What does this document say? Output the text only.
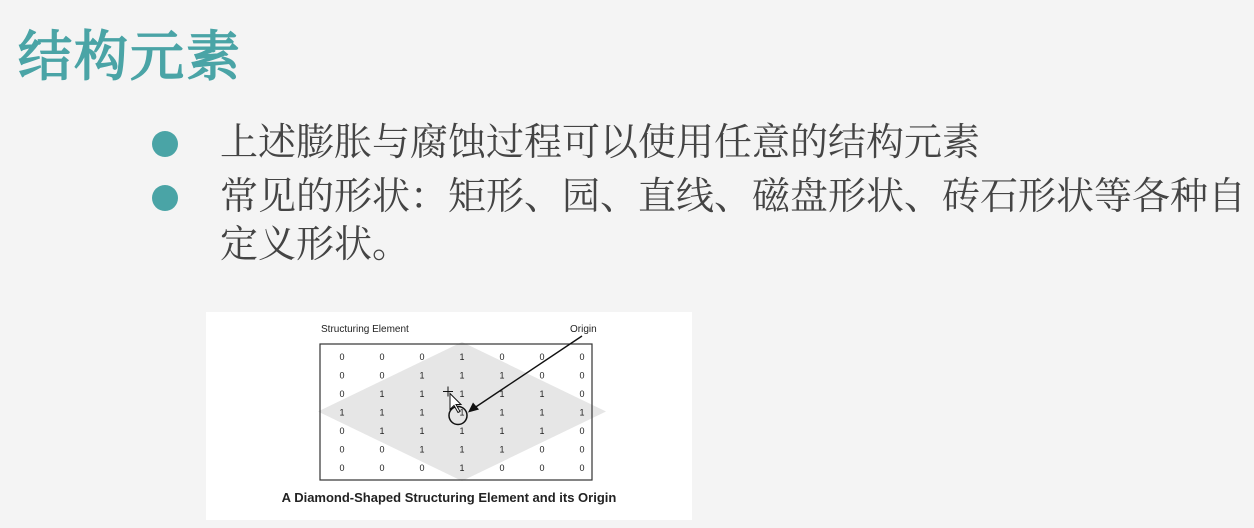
结构元素
上述膨胀与腐蚀过程可以使用任意的结构元素
常见的形状：矩形、园、直线、磁盘形状、砖石形状等各种自定义形状。
Structuring Element	Origin
0	0	0	1	0	0	0
0	0	1	1	1	0	0
0	1	1	1	1	1	0
1	1	1	1	1	1	1
0	1	1	1	1	1	0
0	0	1	1	1	0	0
0	0	0	1	0	0	0
A Diamond-Shaped Structuring Element and its Origin
